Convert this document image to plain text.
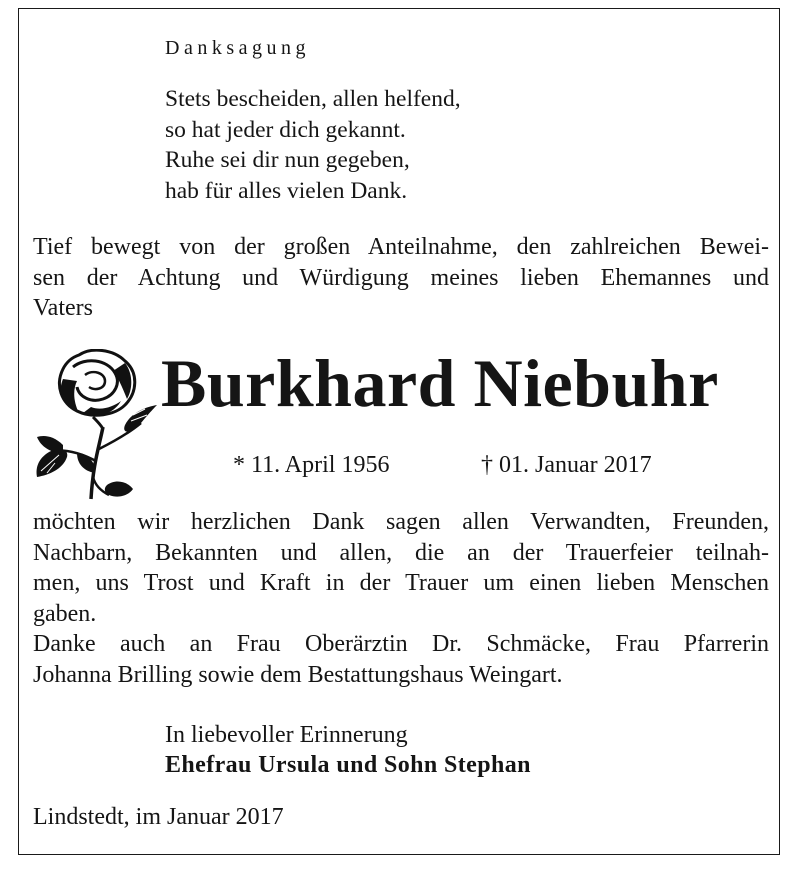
Danksagung
Stets bescheiden, allen helfend,
so hat jeder dich gekannt.
Ruhe sei dir nun gegeben,
hab für alles vielen Dank.
Tief bewegt von der großen Anteilnahme, den zahlreichen Bewei-
sen der Achtung und Würdigung meines lieben Ehemannes und
Vaters
Burkhard Niebuhr
* 11. April 1956	† 01. Januar 2017
möchten wir herzlichen Dank sagen allen Verwandten, Freunden,
Nachbarn, Bekannten und allen, die an der Trauerfeier teilnah-
men, uns Trost und Kraft in der Trauer um einen lieben Menschen
gaben.
Danke auch an Frau Oberärztin Dr. Schmäcke, Frau Pfarrerin
Johanna Brilling sowie dem Bestattungshaus Weingart.
In liebevoller Erinnerung
Ehefrau Ursula und Sohn Stephan
Lindstedt, im Januar 2017
